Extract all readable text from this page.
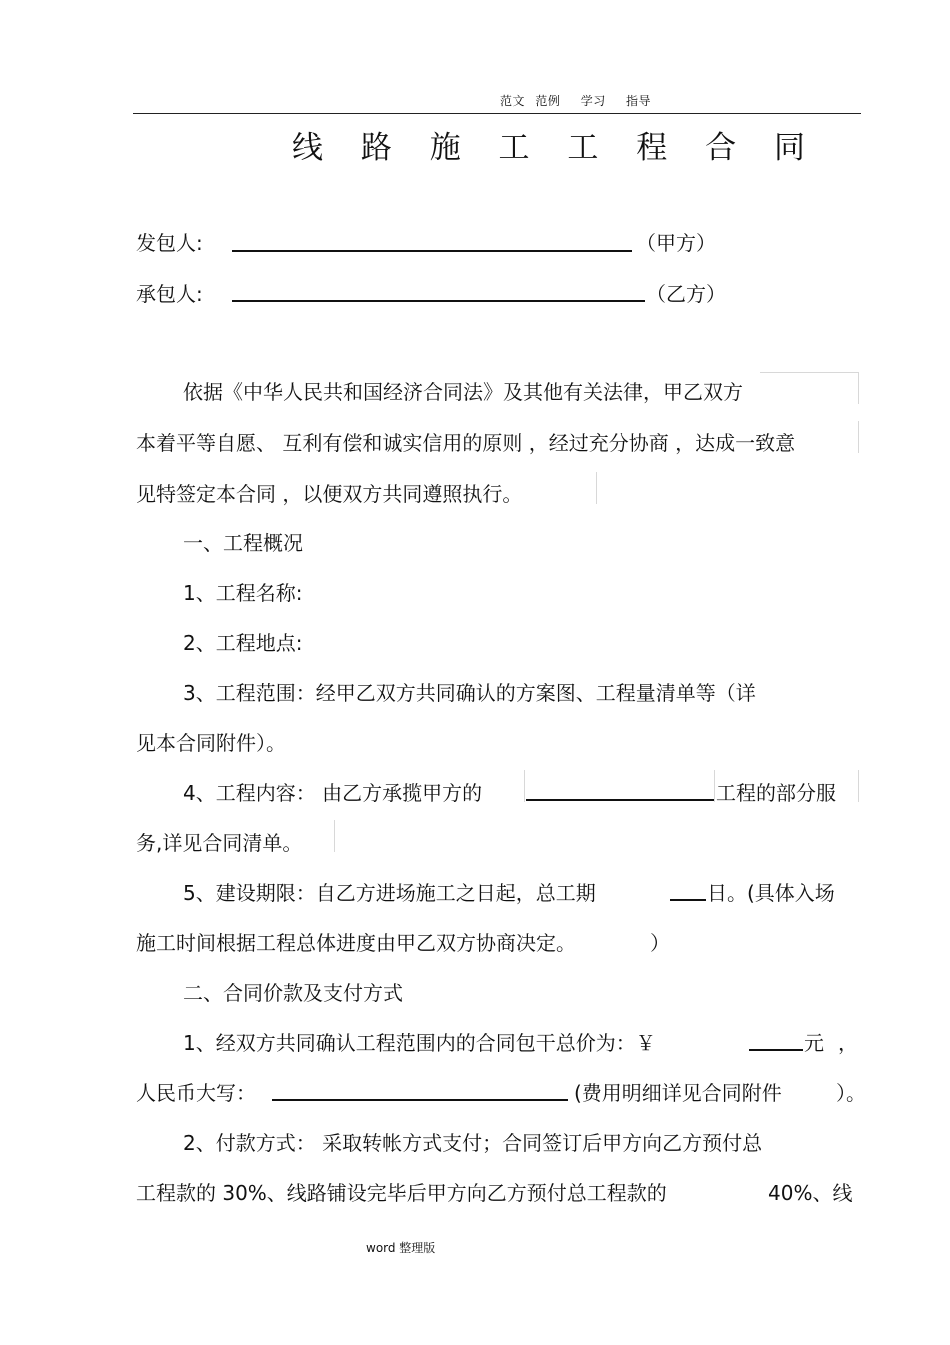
范文 范例 学习 指导
线 路 施 工 工 程 合 同
发包人:	（甲方）
承包人:	（乙方）
依据《中华人民共和国经济合同法》及其他有关法律，甲乙双方
本着平等自愿、 互利有偿和诚实信用的原则 ，经过充分协商 ，达成一致意
见特签定本合同 ，以便双方共同遵照执行。
一、工程概况
1、工程名称:
2、工程地点:
3、工程范围：经甲乙双方共同确认的方案图、工程量清单等（详
见本合同附件）。
4、工程内容： 由乙方承揽甲方的	工程的部分服
务,详见合同清单。
5、建设期限：自乙方进场施工之日起，总工期	日。(具体入场
施工时间根据工程总体进度由甲乙双方协商决定。	）
二、合同价款及支付方式
1、经双方共同确认工程范围内的合同包干总价为：￥	元 ，
人民币大写：	(费用明细详见合同附件	）。
2、付款方式： 采取转帐方式支付；合同签订后甲方向乙方预付总
工程款的 30%、线路铺设完毕后甲方向乙方预付总工程款的	40%、线
word 整理版
